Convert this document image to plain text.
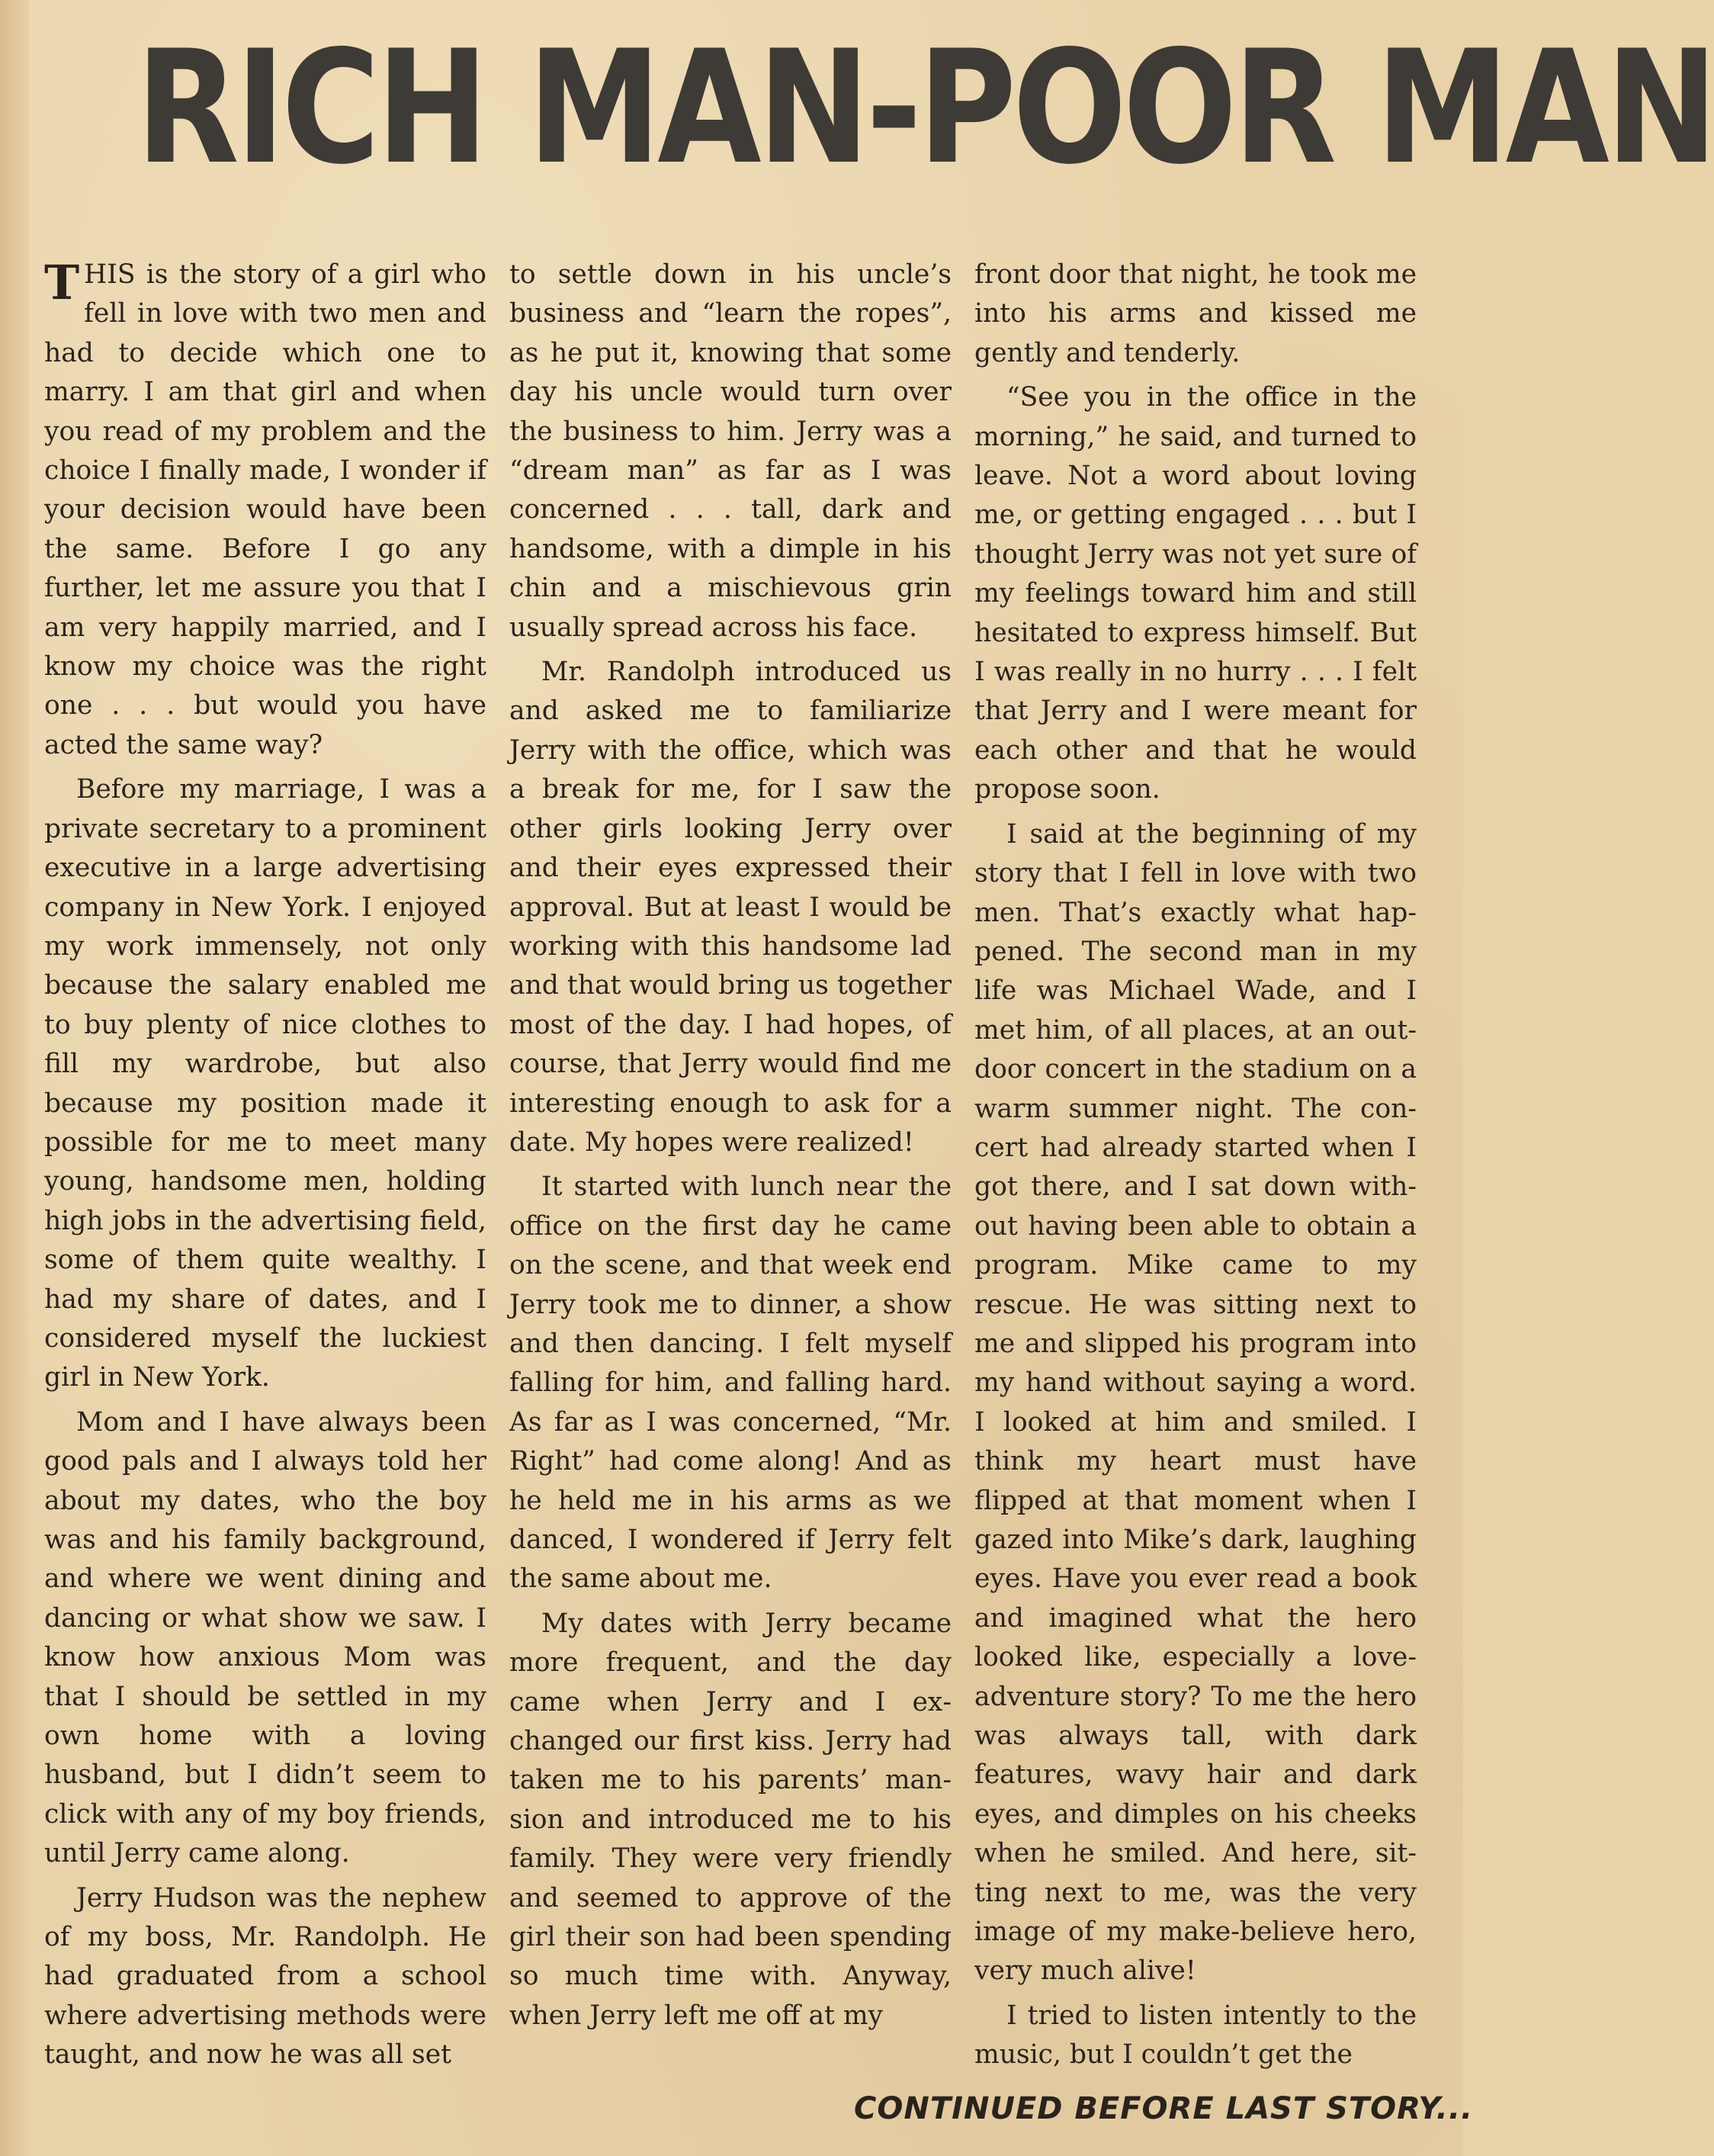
RICH MAN-POOR MAN

THIS is the story of a girl who fell in love with two men and had to decide which one to marry. I am that girl and when you read of my problem and the choice I finally made, I wonder if your decision would have been the same. Before I go any further, let me assure you that I am very happily married, and I know my choice was the right one . . . but would you have acted the same way?

Before my marriage, I was a private secretary to a prominent executive in a large advertising company in New York. I enjoyed my work immensely, not only because the salary enabled me to buy plenty of nice clothes to fill my wardrobe, but also because my position made it possible for me to meet many young, handsome men, holding high jobs in the advertising field, some of them quite wealthy. I had my share of dates, and I considered myself the luckiest girl in New York.

Mom and I have always been good pals and I always told her about my dates, who the boy was and his family background, and where we went dining and dancing or what show we saw. I know how anxious Mom was that I should be settled in my own home with a loving husband, but I didn’t seem to click with any of my boy friends, until Jerry came along.

Jerry Hudson was the nephew of my boss, Mr. Randolph. He had graduated from a school where advertising methods were taught, and now he was all set

to settle down in his uncle’s business and “learn the ropes”, as he put it, knowing that some day his uncle would turn over the business to him. Jerry was a “dream man” as far as I was concerned . . . tall, dark and handsome, with a dimple in his chin and a mischievous grin usually spread across his face.

Mr. Randolph introduced us and asked me to familiarize Jerry with the office, which was a break for me, for I saw the other girls looking Jerry over and their eyes expressed their approval. But at least I would be working with this handsome lad and that would bring us together most of the day. I had hopes, of course, that Jerry would find me interesting enough to ask for a date. My hopes were realized!

It started with lunch near the office on the first day he came on the scene, and that week end Jerry took me to dinner, a show and then dancing. I felt myself falling for him, and falling hard. As far as I was concerned, “Mr. Right” had come along! And as he held me in his arms as we danced, I wondered if Jerry felt the same about me.

My dates with Jerry became more frequent, and the day came when Jerry and I exchanged our first kiss. Jerry had taken me to his parents’ mansion and introduced me to his family. They were very friendly and seemed to approve of the girl their son had been spending so much time with. Anyway, when Jerry left me off at my

front door that night, he took me into his arms and kissed me gently and tenderly.

“See you in the office in the morning,” he said, and turned to leave. Not a word about loving me, or getting engaged . . . but I thought Jerry was not yet sure of my feelings toward him and still hesitated to express himself. But I was really in no hurry . . . I felt that Jerry and I were meant for each other and that he would propose soon.

I said at the beginning of my story that I fell in love with two men. That’s exactly what happened. The second man in my life was Michael Wade, and I met him, of all places, at an outdoor concert in the stadium on a warm summer night. The concert had already started when I got there, and I sat down without having been able to obtain a program. Mike came to my rescue. He was sitting next to me and slipped his program into my hand without saying a word. I looked at him and smiled. I think my heart must have flipped at that moment when I gazed into Mike’s dark, laughing eyes. Have you ever read a book and imagined what the hero looked like, especially a love-adventure story? To me the hero was always tall, with dark features, wavy hair and dark eyes, and dimples on his cheeks when he smiled. And here, sitting next to me, was the very image of my make-believe hero, very much alive!

I tried to listen intently to the music, but I couldn’t get the

CONTINUED BEFORE LAST STORY...
